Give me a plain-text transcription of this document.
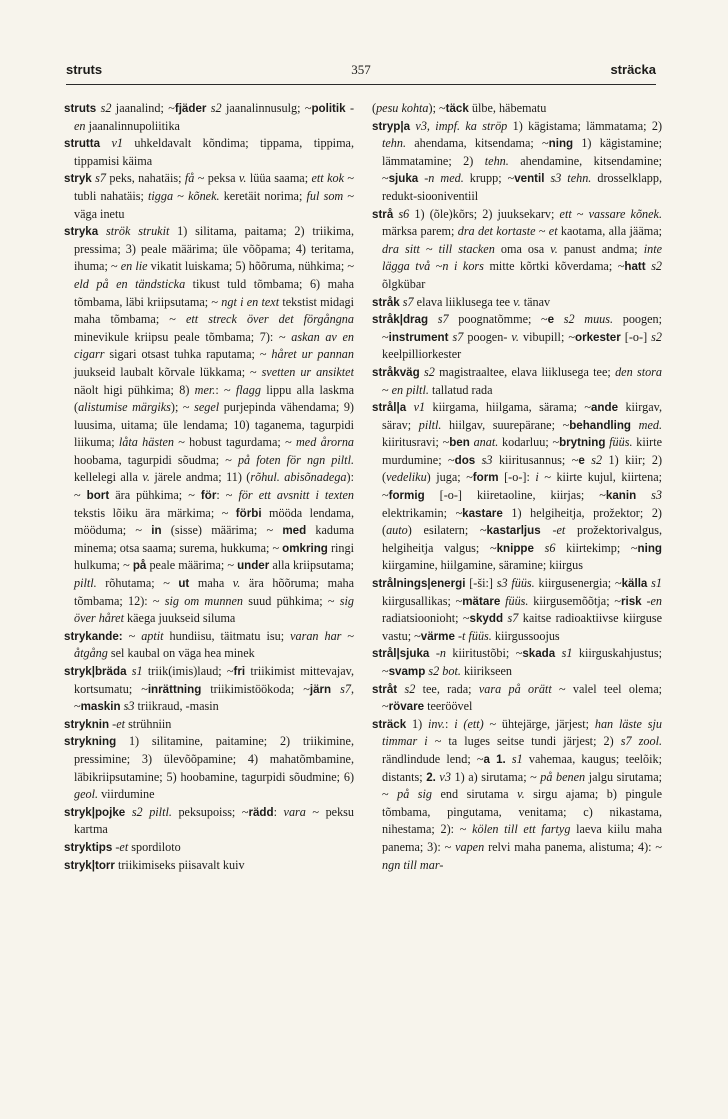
struts	357	sträcka

struts s2 jaanalind; ~fjäder s2 jaanalinnusulg; ~politik -en jaanalinnupoliitika

strutta v1 uhkeldavalt kõndima; tippama, tippima, tippamisi käima

stryk s7 peks, nahatäis; få ~ peksa v. lüüa saama; ett kok ~ tubli nahatäis; tigga ~ kõnek. keretäit norima; ful som ~ väga inetu

stryka strök strukit 1) silitama, paitama; 2) triikima, pressima; 3) peale määrima; üle võõpama; 4) teritama, ihuma; ~ en lie vikatit luiskama; 5) hõõruma, nühkima; ~ eld på en tändsticka tikust tuld tõmbama; 6) maha tõmbama, läbi kriipsutama; ~ ngt i en text tekstist midagi maha tõmbama; ~ ett streck över det förgångna minevikule kriipsu peale tõmbama; 7): ~ askan av en cigarr sigari otsast tuhka raputama; ~ håret ur pannan juukseid laubalt kõrvale lükkama; ~ svetten ur ansiktet näolt higi pühkima; 8) mer.: ~ flagg lippu alla laskma (alistumise märgiks); ~ segel purjepinda vähendama; 9) luusima, uitama; üle lendama; 10) taganema, tagurpidi liikuma; låta hästen ~ hobust tagurdama; ~ med årorna hoobama, tagurpidi sõudma; ~ på foten för ngn piltl. kellelegi alla v. järele andma; 11) (rõhul. abisõnadega): ~ bort ära pühkima; ~ för: ~ för ett avsnitt i texten tekstis lõiku ära märkima; ~ förbi mööda lendama, mööduma; ~ in (sisse) määrima; ~ med kaduma minema; otsa saama; surema, hukkuma; ~ omkring ringi hulkuma; ~ på peale määrima; ~ under alla kriipsutama; piltl. rõhutama; ~ ut maha v. ära hõõruma; maha tõmbama; 12): ~ sig om munnen suud pühkima; ~ sig över håret käega juukseid siluma

strykande: ~ aptit hundiisu, täitmatu isu; varan har ~ åtgång sel kaubal on väga hea minek

stryk|bräda s1 triik(imis)laud; ~fri triikimist mittevajav, kortsumatu; ~inrättning triikimistöökoda; ~järn s7, ~maskin s3 triikraud, -masin

stryknin -et strühniin

strykning 1) silitamine, paitamine; 2) triikimine, pressimine; 3) ülevõõpamine; 4) mahatõmbamine, läbikriipsutamine; 5) hoobamine, tagurpidi sõudmine; 6) geol. viirdumine

stryk|pojke s2 piltl. peksupoiss; ~rädd: vara ~ peksu kartma

stryktips -et spordiloto

stryk|torr triikimiseks piisavalt kuiv

(pesu kohta); ~täck ülbe, häbematu

stryp|a v3, impf. ka ströp 1) kägistama; lämmatama; 2) tehn. ahendama, kitsendama; ~ning 1) kägistamine; lämmatamine; 2) tehn. ahendamine, kitsendamine; ~sjuka -n med. krupp; ~ventil s3 tehn. drosselklapp, redukt-siooniventiil

strå s6 1) (õle)kõrs; 2) juuksekarv; ett ~ vassare kõnek. märksa parem; dra det kortaste ~ et kaotama, alla jääma; dra sitt ~ till stacken oma osa v. panust andma; inte lägga två ~n i kors mitte kõrtki kõverdama; ~hatt s2 õlgkübar

stråk s7 elava liiklusega tee v. tänav

stråk|drag s7 poognatõmme; ~e s2 muus. poogen; ~instrument s7 poogen- v. vibupill; ~orkester [-o-] s2 keelpilliorkester

stråkväg s2 magistraaltee, elava liiklusega tee; den stora ~ en piltl. tallatud rada

strål|a v1 kiirgama, hiilgama, särama; ~ande kiirgav, särav; piltl. hiilgav, suurepärane; ~behandling med. kiiritusravi; ~ben anat. kodarluu; ~brytning füüs. kiirte murdumine; ~dos s3 kiiritusannus; ~e s2 1) kiir; 2) (vedeliku) juga; ~form [-o-]: i ~ kiirte kujul, kiirtena; ~formig [-o-] kiiretaoline, kiirjas; ~kanin s3 elektrikamin; ~kastare 1) helgiheitja, prožektor; 2) (auto) esilatern; ~kastarljus -et prožektorivalgus, helgiheitja valgus; ~knippe s6 kiirtekimp; ~ning kiirgamine, hiilgamine, säramine; kiirgus

strålnings|energi [-ši:] s3 füüs. kiirgusenergia; ~källa s1 kiirgusallikas; ~mätare füüs. kiirgusemõõtja; ~risk -en radiatsioonioht; ~skydd s7 kaitse radioaktiivse kiirguse vastu; ~värme -t füüs. kiirgussoojus

strål|sjuka -n kiiritustõbi; ~skada s1 kiirguskahjustus; ~svamp s2 bot. kiirikseen

stråt s2 tee, rada; vara på orätt ~ valel teel olema; ~rövare teeröövel

sträck 1) inv.: i (ett) ~ ühtejärge, järjest; han läste sju timmar i ~ ta luges seitse tundi järjest; 2) s7 zool. rändlindude lend; ~a 1. s1 vahemaa, kaugus; teelõik; distants; 2. v3 1) a) sirutama; ~ på benen jalgu sirutama; ~ på sig end sirutama v. sirgu ajama; b) pingule tõmbama, pingutama, venitama; c) nikastama, nihestama; 2): ~ kölen till ett fartyg laeva kiilu maha panema; 3): ~ vapen relvi maha panema, alistuma; 4): ~ ngn till mar-
